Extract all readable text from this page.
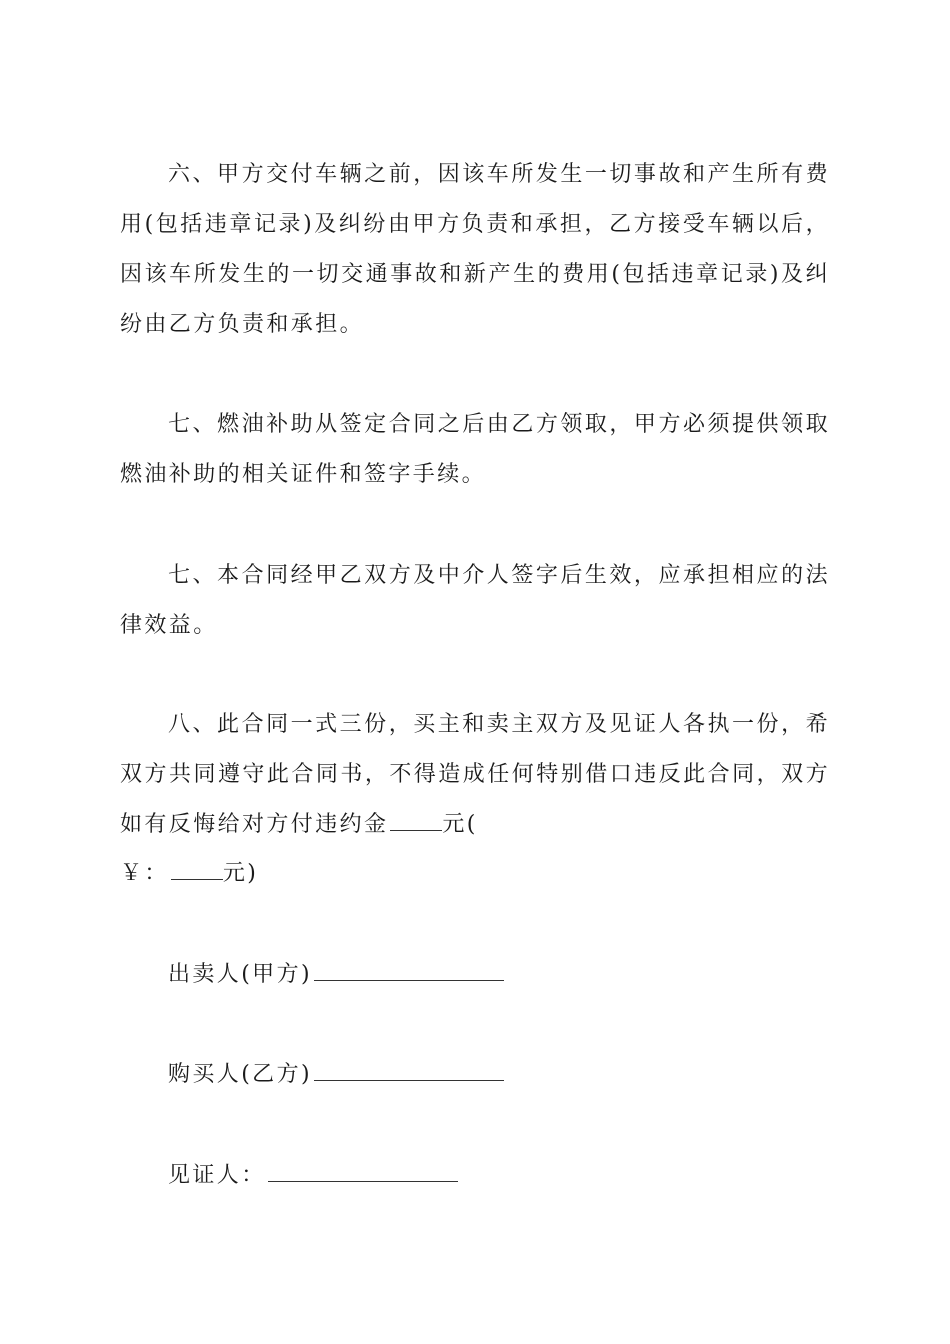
六、甲方交付车辆之前，因该车所发生一切事故和产生所有费用(包括违章记录)及纠纷由甲方负责和承担，乙方接受车辆以后，因该车所发生的一切交通事故和新产生的费用(包括违章记录)及纠纷由乙方负责和承担。

七、燃油补助从签定合同之后由乙方领取，甲方必须提供领取燃油补助的相关证件和签字手续。

七、本合同经甲乙双方及中介人签字后生效，应承担相应的法律效益。

八、此合同一式三份，买主和卖主双方及见证人各执一份，希双方共同遵守此合同书，不得造成任何特别借口违反此合同，双方如有反悔给对方付违约金 元(

￥： 元)

出卖人(甲方)
购买人(乙方)
见证人：
